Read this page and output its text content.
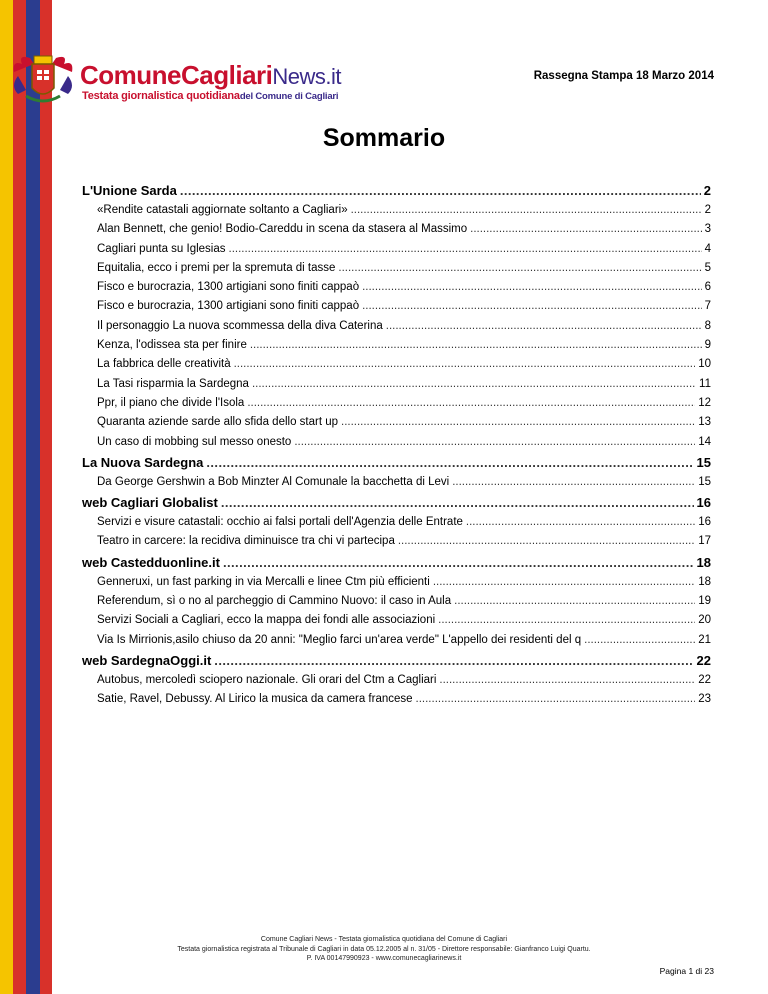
ComuneCagliariNews.it
Testata giornalistica quotidianadel Comune di Cagliari
Rassegna Stampa 18 Marzo 2014
Sommario
L'Unione Sarda . . .	2
«Rendite catastali aggiornate soltanto a Cagliari» . . .	2
Alan Bennett, che genio! Bodio-Careddu in scena da stasera al Massimo . . .	3
Cagliari punta su Iglesias . . .	4
Equitalia, ecco i premi per la spremuta di tasse . . .	5
Fisco e burocrazia, 1300 artigiani sono finiti cappaò . . .	6
Fisco e burocrazia, 1300 artigiani sono finiti cappaò . . .	7
Il personaggio La nuova scommessa della diva Caterina . . .	8
Kenza, l'odissea sta per finire . . .	9
La fabbrica delle creatività . . .	10
La Tasi risparmia la Sardegna . . .	11
Ppr, il piano che divide l'Isola . . .	12
Quaranta aziende sarde allo sfida dello start up . . .	13
Un caso di mobbing sul messo onesto . . .	14
La Nuova Sardegna . . .	15
Da George Gershwin a Bob Minzter Al Comunale la bacchetta di Levi . . .	15
web Cagliari Globalist . . .	16
Servizi e visure catastali: occhio ai falsi portali dell'Agenzia delle Entrate . . .	16
Teatro in carcere: la recidiva diminuisce tra chi vi partecipa . . .	17
web Castedduonline.it . . .	18
Genneruxi, un fast parking in via Mercalli e linee Ctm più efficienti . . .	18
Referendum, sì o no al parcheggio di Cammino Nuovo: il caso in Aula . . .	19
Servizi Sociali a Cagliari, ecco la mappa dei fondi alle associazioni . . .	20
Via Is Mirrionis,asilo chiuso da 20 anni: "Meglio farci un'area verde" L'appello dei residenti del q . . .	21
web SardegnaOggi.it . . .	22
Autobus, mercoledì sciopero nazionale. Gli orari del Ctm a Cagliari . . .	22
Satie, Ravel, Debussy. Al Lirico la musica da camera francese . . .	23
Comune Cagliari News - Testata giornalistica quotidiana del Comune di Cagliari
Testata giornalistica registrata al Tribunale di Cagliari in data 05.12.2005 al n. 31/05 - Direttore responsabile: Gianfranco Luigi Quartu.
P. IVA 00147990923 - www.comunecagliarinews.it
Pagina 1 di 23
